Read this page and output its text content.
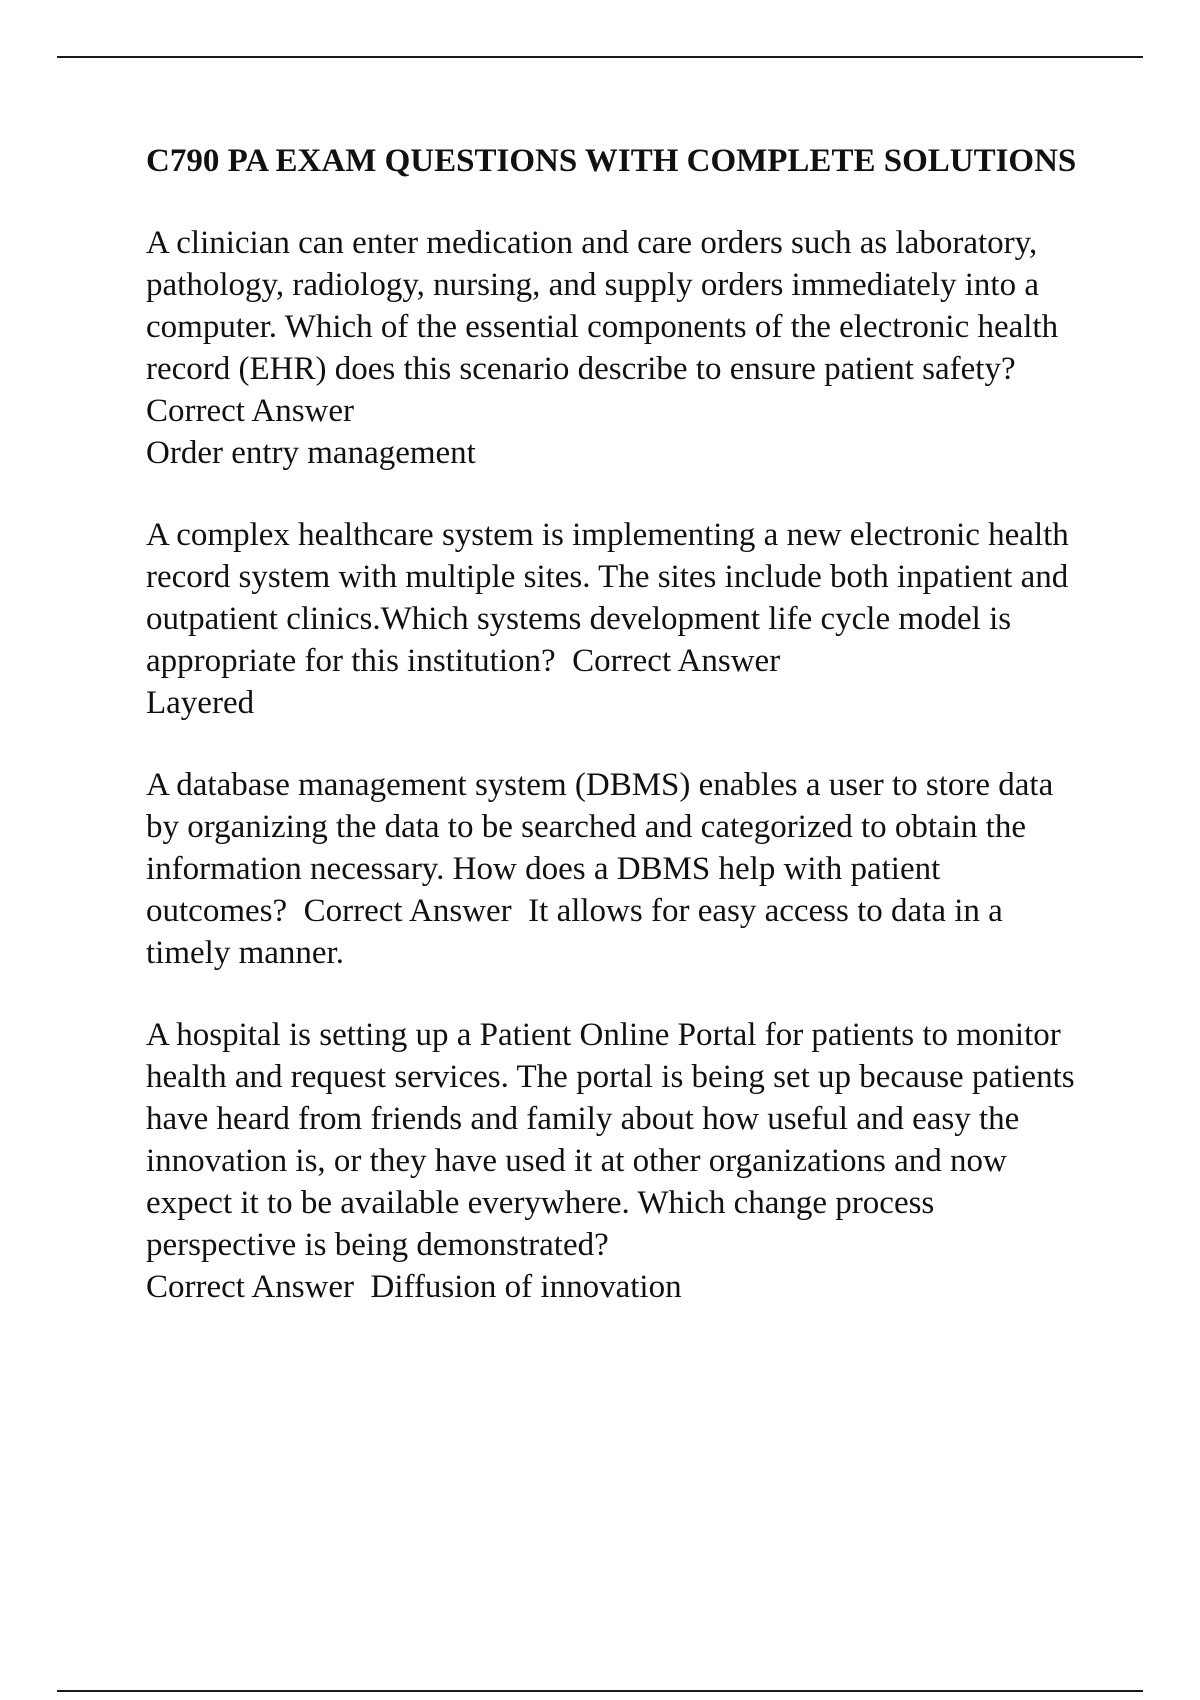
C790 PA EXAM QUESTIONS WITH COMPLETE SOLUTIONS

A clinician can enter medication and care orders such as laboratory, pathology, radiology, nursing, and supply orders immediately into a computer. Which of the essential components of the electronic health record (EHR) does this scenario describe to ensure patient safety?  Correct Answer
Order entry management

A complex healthcare system is implementing a new electronic health record system with multiple sites. The sites include both inpatient and outpatient clinics.Which systems development life cycle model is appropriate for this institution? Correct Answer
Layered

A database management system (DBMS) enables a user to store data by organizing the data to be searched and categorized to obtain the information necessary. How does a DBMS help with patient outcomes? Correct Answer It allows for easy access to data in a timely manner.

A hospital is setting up a Patient Online Portal for patients to monitor health and request services. The portal is being set up because patients have heard from friends and family about how useful and easy the innovation is, or they have used it at other organizations and now expect it to be available everywhere. Which change process perspective is being demonstrated?
Correct Answer Diffusion of innovation
